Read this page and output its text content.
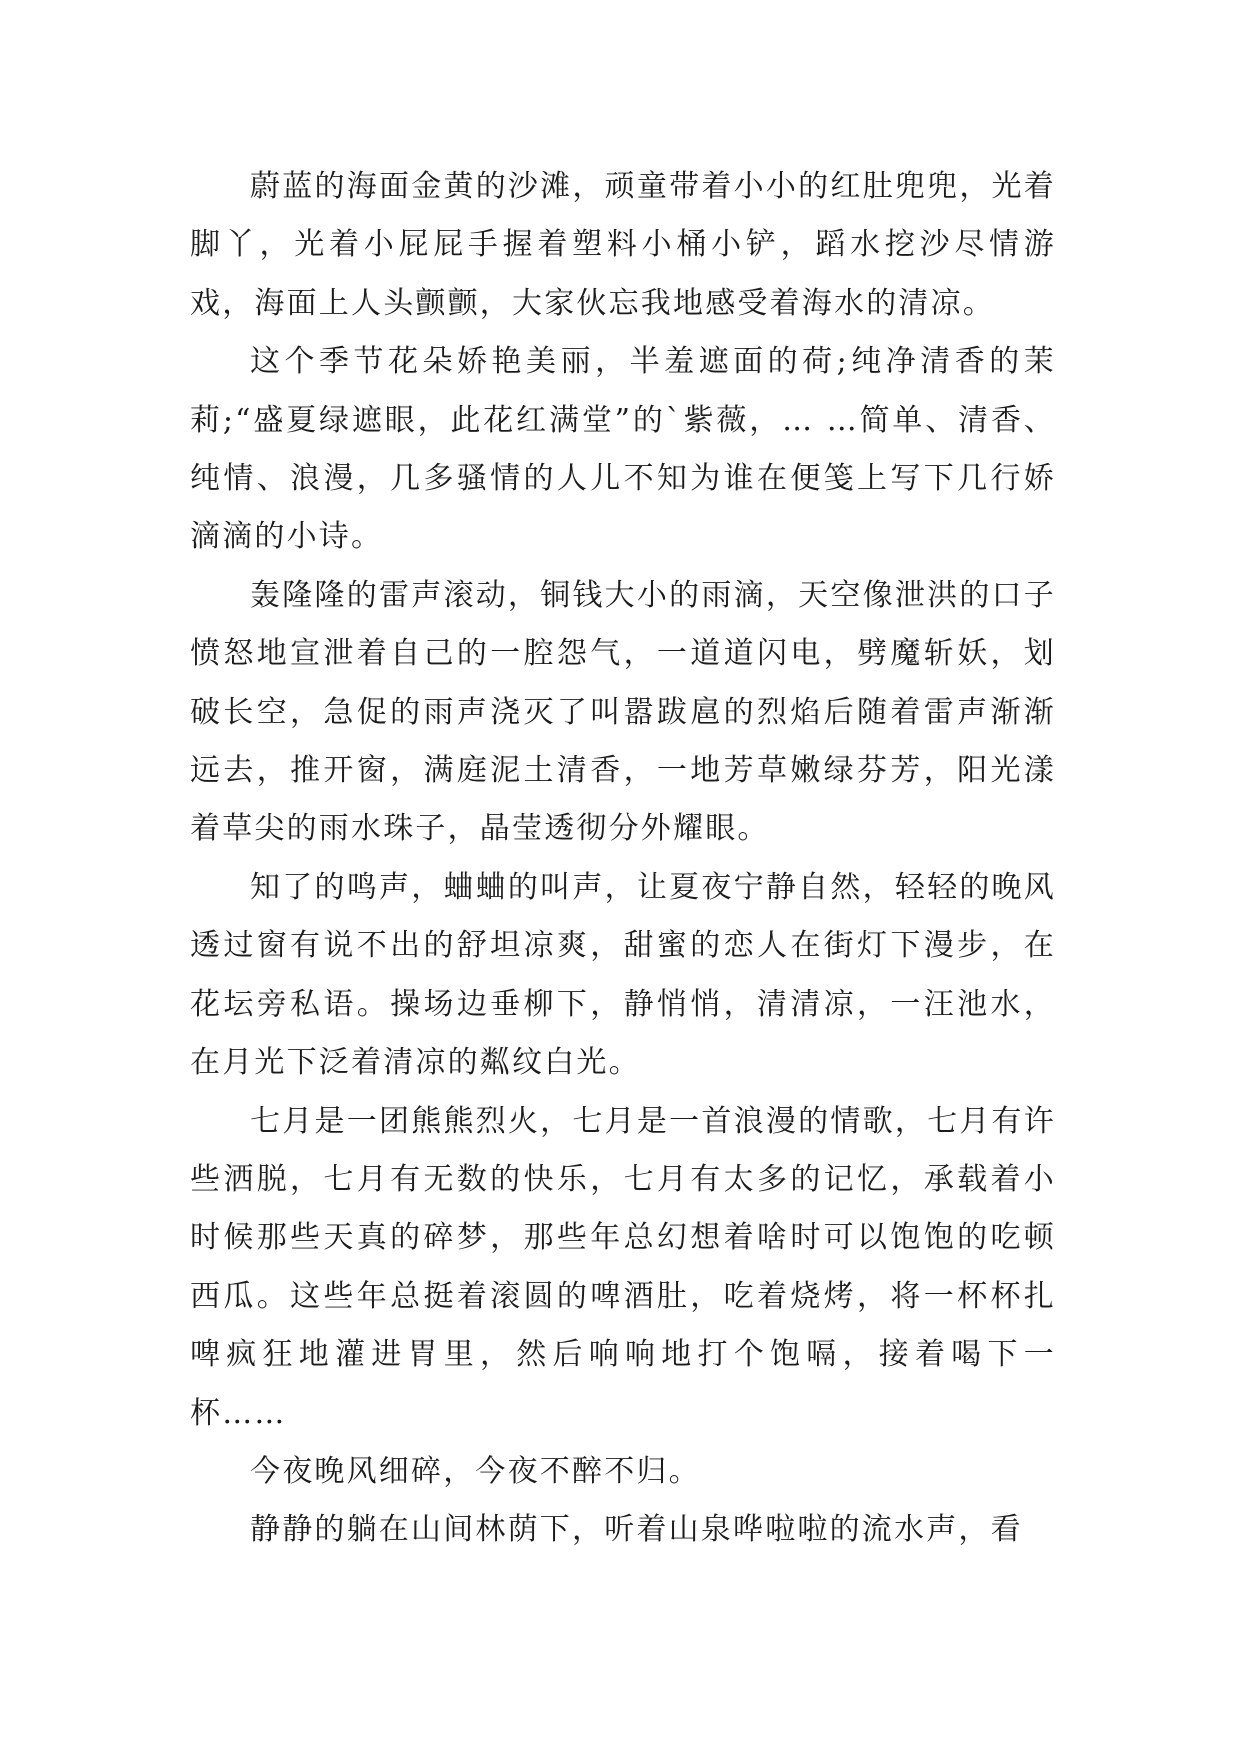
蔚蓝的海面金黄的沙滩，顽童带着小小的红肚兜兜，光着脚丫，光着小屁屁手握着塑料小桶小铲，蹈水挖沙尽情游戏，海面上人头颤颤，大家伙忘我地感受着海水的清凉。

这个季节花朵娇艳美丽，半羞遮面的荷;纯净清香的茉莉;“盛夏绿遮眼，此花红满堂”的`紫薇，… …简单、清香、纯情、浪漫，几多骚情的人儿不知为谁在便笺上写下几行娇滴滴的小诗。

轰隆隆的雷声滚动，铜钱大小的雨滴，天空像泄洪的口子愤怒地宣泄着自己的一腔怨气，一道道闪电，劈魔斩妖，划破长空，急促的雨声浇灭了叫嚣跋扈的烈焰后随着雷声渐渐远去，推开窗，满庭泥土清香，一地芳草嫩绿芬芳，阳光漾着草尖的雨水珠子，晶莹透彻分外耀眼。

知了的鸣声，蛐蛐的叫声，让夏夜宁静自然，轻轻的晚风透过窗有说不出的舒坦凉爽，甜蜜的恋人在街灯下漫步，在花坛旁私语。操场边垂柳下，静悄悄，清清凉，一汪池水，在月光下泛着清凉的粼纹白光。

七月是一团熊熊烈火，七月是一首浪漫的情歌，七月有许些洒脱，七月有无数的快乐，七月有太多的记忆，承载着小时候那些天真的碎梦，那些年总幻想着啥时可以饱饱的吃顿西瓜。这些年总挺着滚圆的啤酒肚，吃着烧烤，将一杯杯扎啤疯狂地灌进胃里，然后响响地打个饱嗝，接着喝下一杯……

今夜晚风细碎，今夜不醉不归。

静静的躺在山间林荫下，听着山泉哗啦啦的流水声，看
